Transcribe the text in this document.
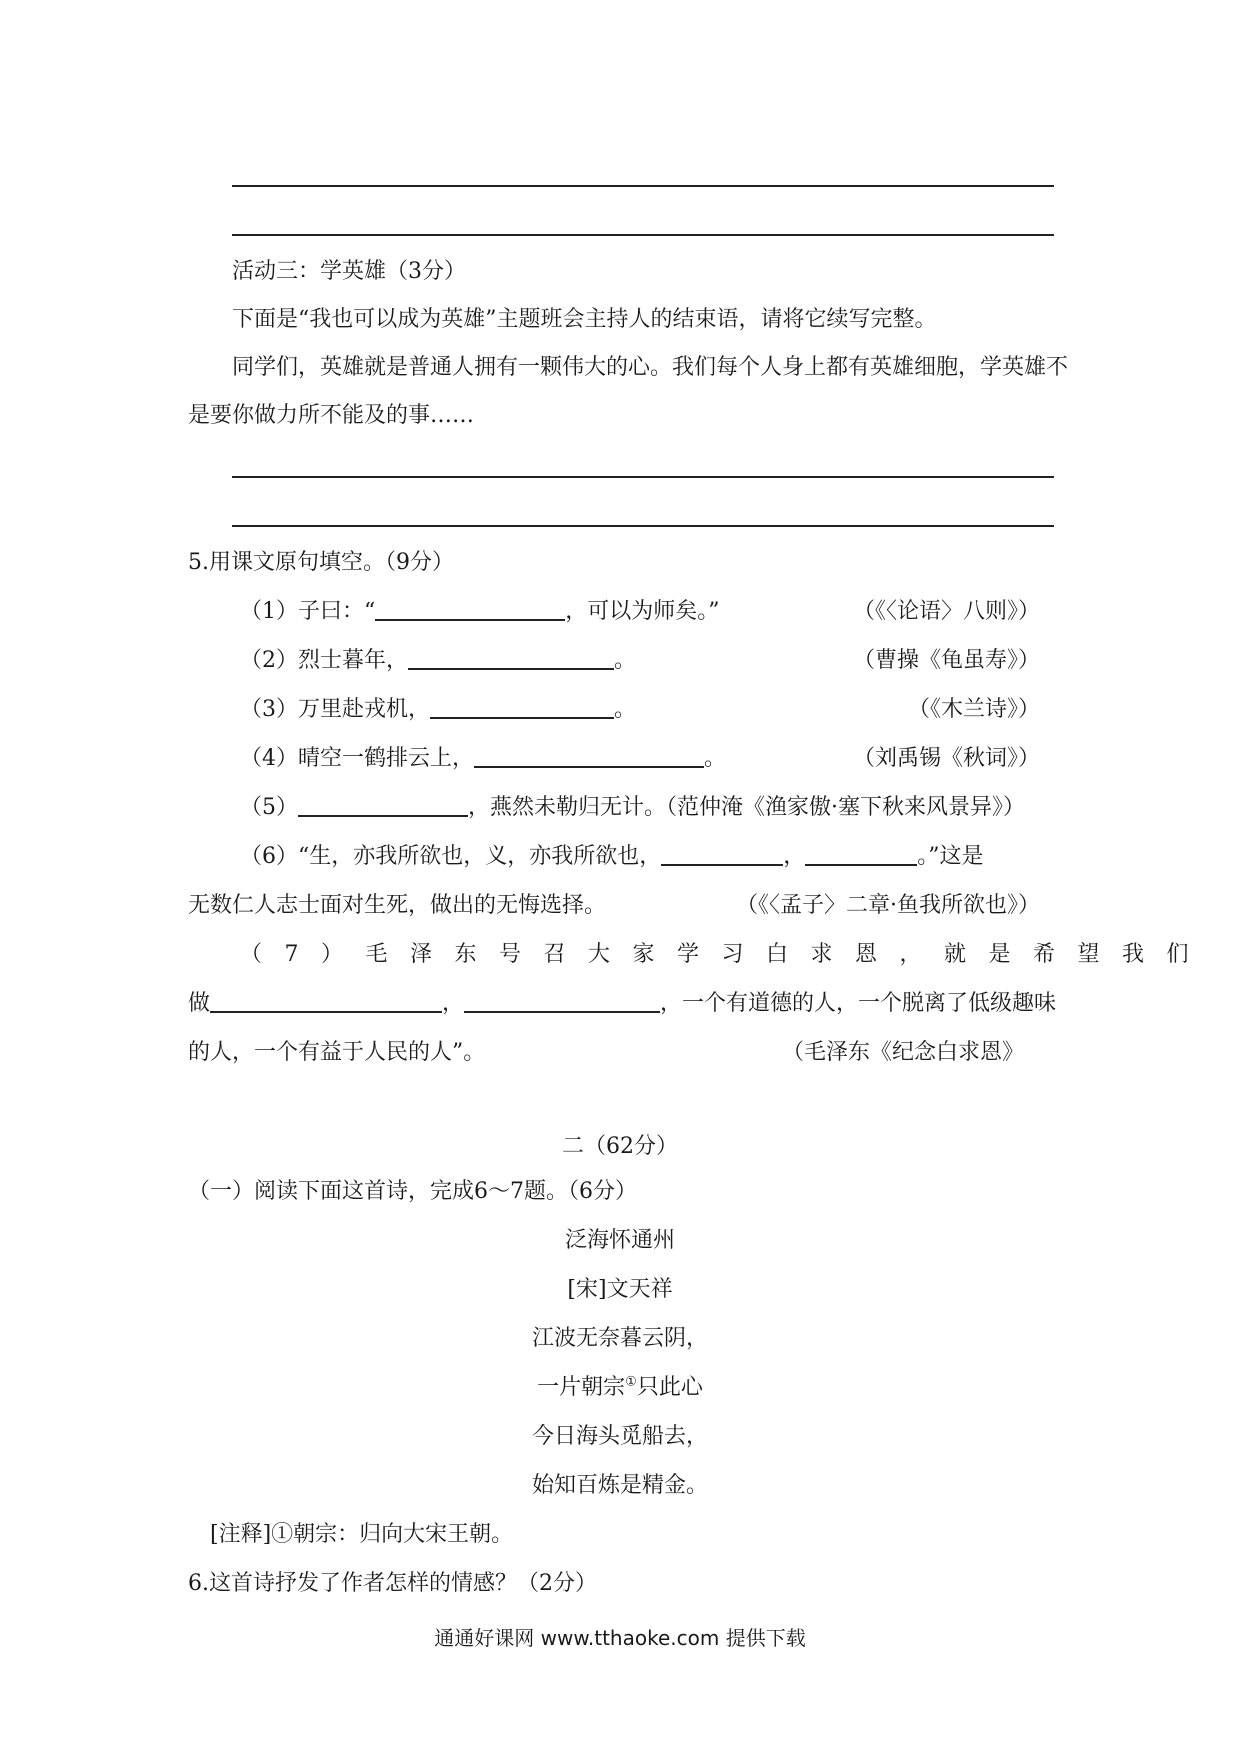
活动三：学英雄（3分）
下面是“我也可以成为英雄”主题班会主持人的结束语，请将它续写完整。
同学们，英雄就是普通人拥有一颗伟大的心。我们每个人身上都有英雄细胞，学英雄不
是要你做力所不能及的事……
5.用课文原句填空。（9分）
（1）子曰：“	，可以为师矣。”	（《〈论语〉八则》）
（2）烈士暮年，	。	（曹操《龟虽寿》）
（3）万里赴戎机，	。	（《木兰诗》）
（4）晴空一鹤排云上，	。	（刘禹锡《秋词》）
（5）	，燕然未勒归无计。（范仲淹《渔家傲·塞下秋来风景异》）
（6）“生，亦我所欲也，义，亦我所欲也，	，	。”这是
无数仁人志士面对生死，做出的无悔选择。	（《〈孟子〉二章·鱼我所欲也》）
（7）毛泽东号召大家学习白求恩，就是希望我们
做	，	，一个有道德的人，一个脱离了低级趣味
的人，一个有益于人民的人”。	（毛泽东《纪念白求恩》
二（62分）
（一）阅读下面这首诗，完成6～7题。（6分）
泛海怀通州
[宋]文天祥
江波无奈暮云阴，
一片朝宗①只此心
今日海头觅船去，
始知百炼是精金。
[注释]①朝宗：归向大宋王朝。
6.这首诗抒发了作者怎样的情感？（2分）
通通好课网 www.tthaoke.com 提供下载
